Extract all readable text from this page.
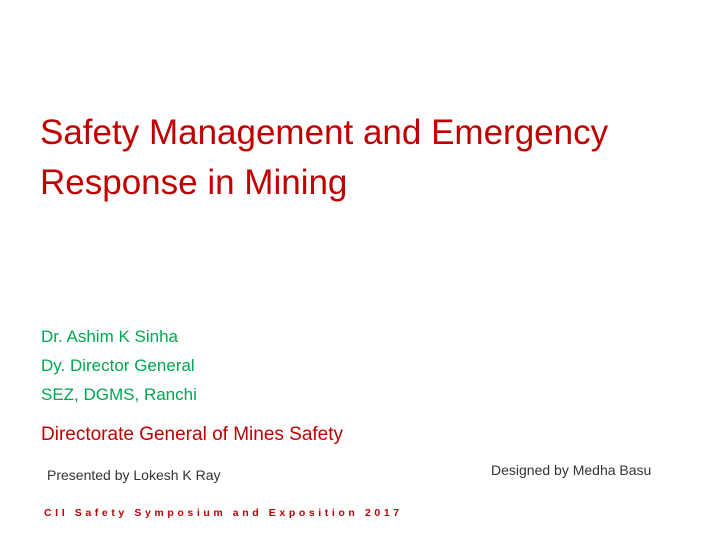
Safety Management and Emergency
Response in Mining
Dr. Ashim K Sinha
Dy. Director General
SEZ, DGMS, Ranchi
Directorate General of Mines Safety
Presented by Lokesh K Ray	Designed by Medha Basu
CII Safety Symposium and Exposition 2017
